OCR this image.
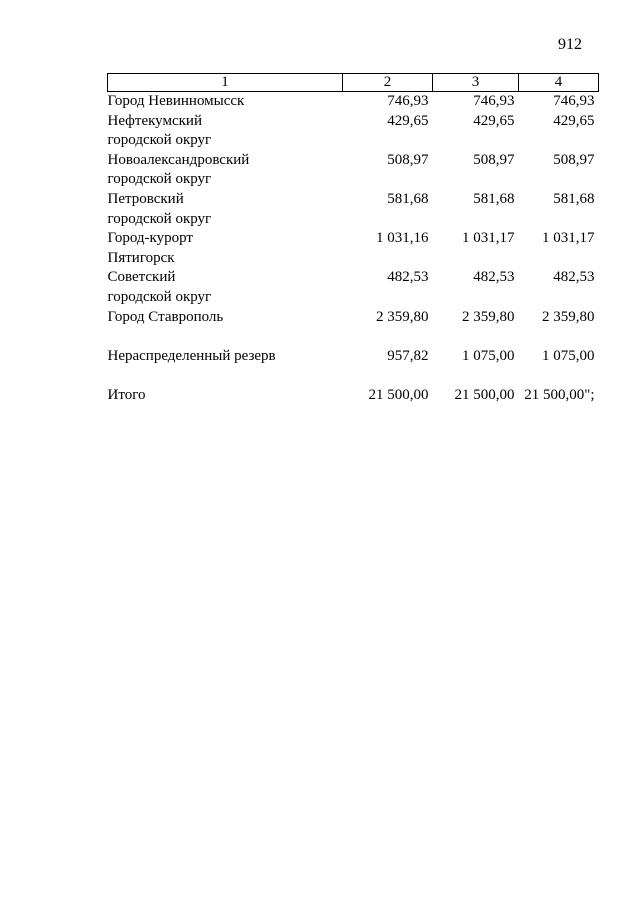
912
1	2	3	4

Город Невинномысск	746,93	746,93	746,93

Нефтекумский
городской округ	429,65	429,65	429,65

Новоалександровский
городской округ	508,97	508,97	508,97

Петровский
городской округ	581,68	581,68	581,68

Город-курорт
Пятигорск	1 031,16	1 031,17	1 031,17

Советский
городской округ	482,53	482,53	482,53

Город Ставрополь	2 359,80	2 359,80	2 359,80

Нераспределенный резерв	957,82	1 075,00	1 075,00

Итого	21 500,00	21 500,00	21 500,00";
